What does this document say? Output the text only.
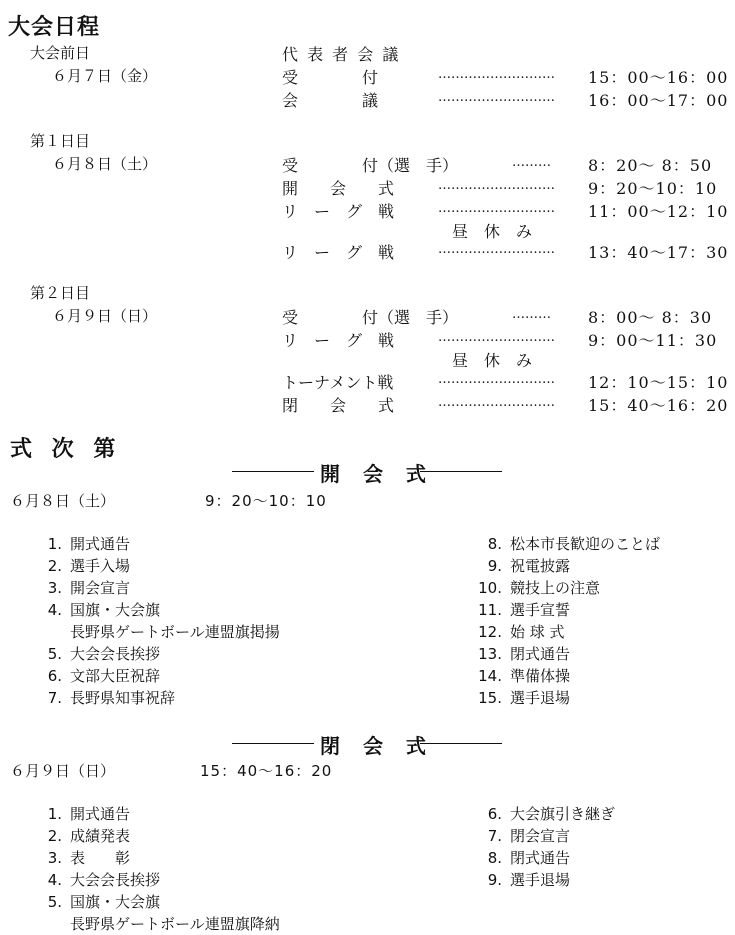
大会日程
大会前日
６月７日（金）
代 表 者 会 議
受　　　　付	……………………… 15：00〜16：00
会　　　　議	……………………… 16：00〜17：00
第１日目
６月８日（土）	受　　　　付（選　手）	……… 8：20〜 8：50
開　　会　　式	……………………… 9：20〜10：10
リ　ー　グ　戦	……………………… 11：00〜12：10
昼　休　み
リ　ー　グ　戦	……………………… 13：40〜17：30
第２日目
６月９日（日）	受　　　　付（選　手）	……… 8：00〜 8：30
リ　ー　グ　戦	……………………… 9：00〜11：30
昼　休　み
トーナメント戦	……………………… 12：10〜15：10
閉　　会　　式	……………………… 15：40〜16：20
式 次 第
開 会 式
６月８日（土）	9：20〜10：10
1. 開式通告
2. 選手入場
3. 開会宣言
4. 国旗・大会旗
長野県ゲートボール連盟旗掲揚
5. 大会会長挨拶
6. 文部大臣祝辞
7. 長野県知事祝辞
8. 松本市長歓迎のことば
9. 祝電披露
10. 競技上の注意
11. 選手宣誓
12. 始 球 式
13. 閉式通告
14. 準備体操
15. 選手退場
閉 会 式
６月９日（日）	15：40〜16：20
1. 開式通告
2. 成績発表
3. 表　　彰
4. 大会会長挨拶
5. 国旗・大会旗
長野県ゲートボール連盟旗降納
6. 大会旗引き継ぎ
7. 閉会宣言
8. 閉式通告
9. 選手退場
